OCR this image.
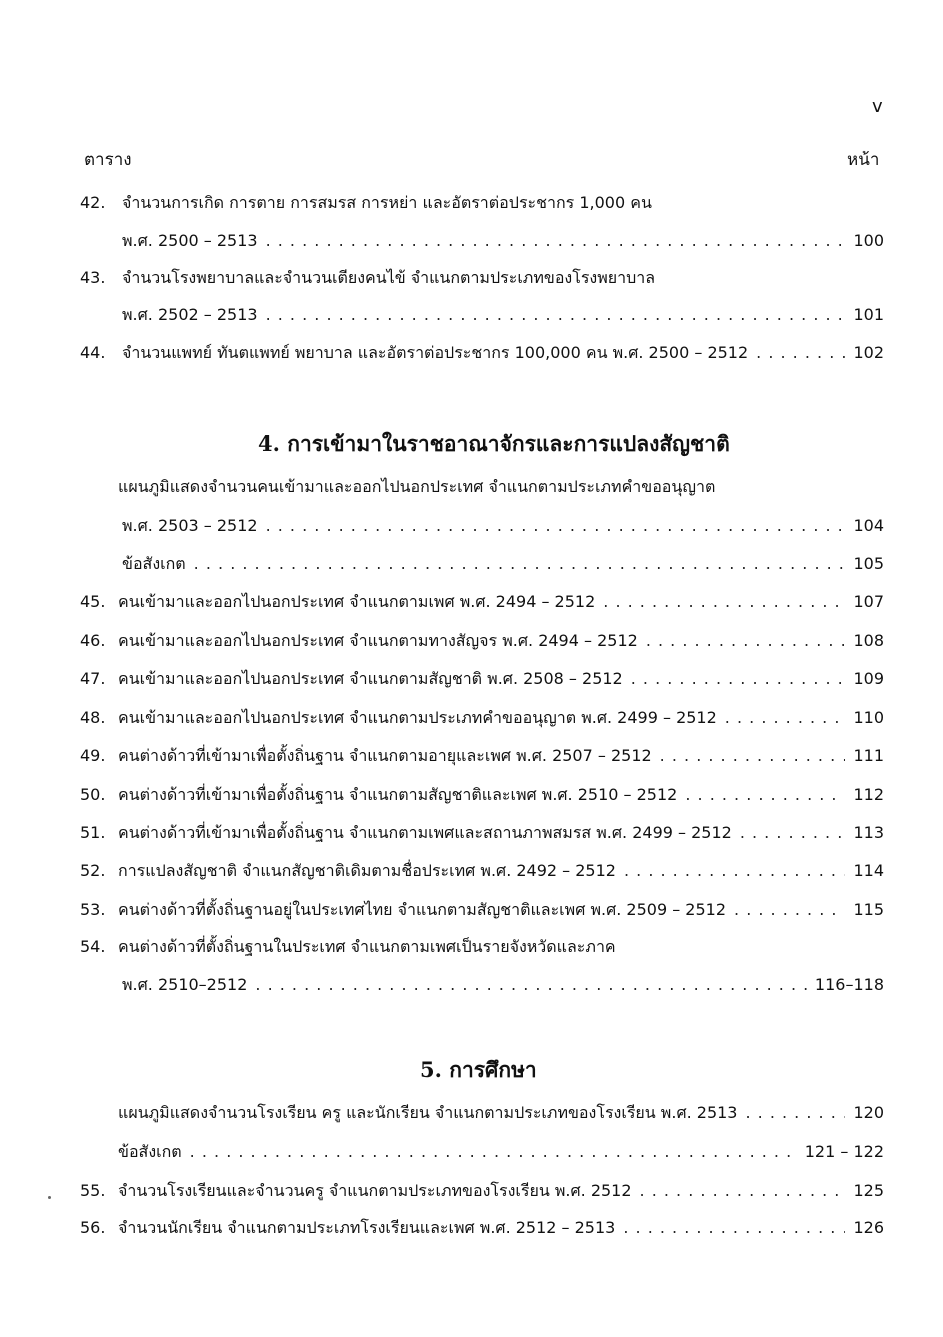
v
ตาราง	หน้า
42.	จำนวนการเกิด การตาย การสมรส การหย่า และอัตราต่อประชากร 1,000 คน
พ.ศ. 2500 – 2513 . . .	100
43.	จำนวนโรงพยาบาลและจำนวนเตียงคนไข้ จำแนกตามประเภทของโรงพยาบาล
พ.ศ. 2502 – 2513 . . .	101
44.	จำนวนแพทย์ ทันตแพทย์ พยาบาล และอัตราต่อประชากร 100,000 คน พ.ศ. 2500 – 2512 . . .	102
4. การเข้ามาในราชอาณาจักรและการแปลงสัญชาติ
แผนภูมิแสดงจำนวนคนเข้ามาและออกไปนอกประเทศ จำแนกตามประเภทคำขออนุญาต
พ.ศ. 2503 – 2512 . . .	104
ข้อสังเกต . . .	105
45. คนเข้ามาและออกไปนอกประเทศ จำแนกตามเพศ พ.ศ. 2494 – 2512 . . .	107
46. คนเข้ามาและออกไปนอกประเทศ จำแนกตามทางสัญจร พ.ศ. 2494 – 2512 . . .	108
47. คนเข้ามาและออกไปนอกประเทศ จำแนกตามสัญชาติ พ.ศ. 2508 – 2512 . . .	109
48. คนเข้ามาและออกไปนอกประเทศ จำแนกตามประเภทคำขออนุญาต พ.ศ. 2499 – 2512 . . .	110
49. คนต่างด้าวที่เข้ามาเพื่อตั้งถิ่นฐาน จำแนกตามอายุและเพศ พ.ศ. 2507 – 2512 . . .	111
50. คนต่างด้าวที่เข้ามาเพื่อตั้งถิ่นฐาน จำแนกตามสัญชาติและเพศ พ.ศ. 2510 – 2512 . . .	112
51. คนต่างด้าวที่เข้ามาเพื่อตั้งถิ่นฐาน จำแนกตามเพศและสถานภาพสมรส พ.ศ. 2499 – 2512 . . .	113
52. การแปลงสัญชาติ จำแนกสัญชาติเดิมตามชื่อประเทศ พ.ศ. 2492 – 2512 . . .	114
53. คนต่างด้าวที่ตั้งถิ่นฐานอยู่ในประเทศไทย จำแนกตามสัญชาติและเพศ พ.ศ. 2509 – 2512 . . .	115
54. คนต่างด้าวที่ตั้งถิ่นฐานในประเทศ จำแนกตามเพศเป็นรายจังหวัดและภาค
พ.ศ. 2510–2512 . . .	116–118
5. การศึกษา
แผนภูมิแสดงจำนวนโรงเรียน ครู และนักเรียน จำแนกตามประเภทของโรงเรียน พ.ศ. 2513 . . .	120
ข้อสังเกต . . .	121 – 122
55. จำนวนโรงเรียนและจำนวนครู จำแนกตามประเภทของโรงเรียน พ.ศ. 2512 . . .	125
56. จำนวนนักเรียน จำแนกตามประเภทโรงเรียนและเพศ พ.ศ. 2512 – 2513 . . .	126
